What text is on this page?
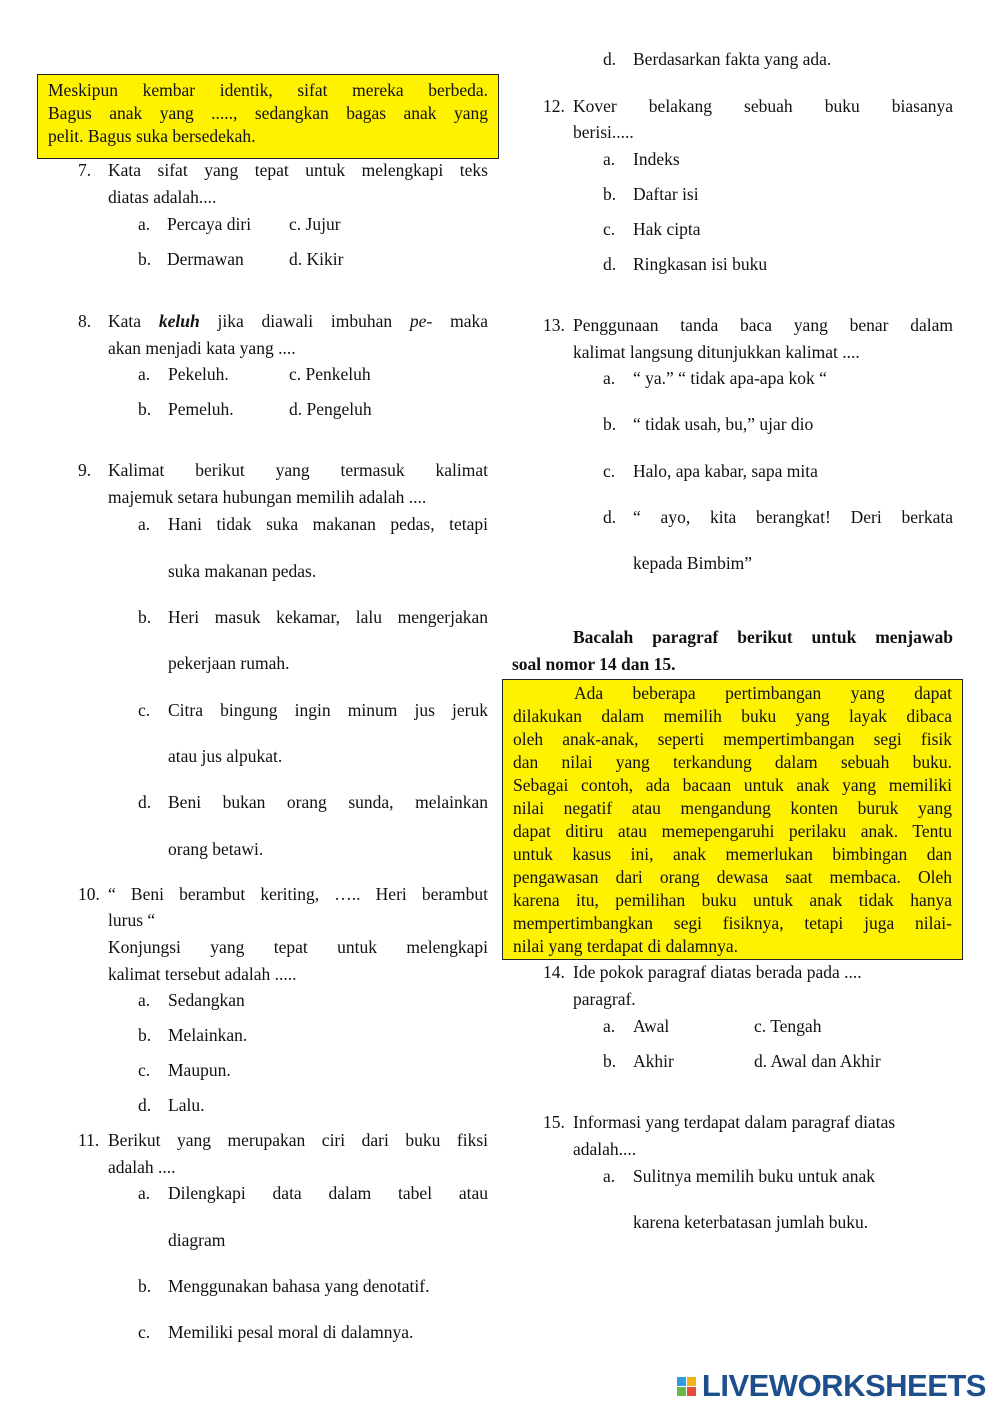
Meskipun kembar identik, sifat mereka berbeda.
Bagus anak yang ....., sedangkan bagas anak yang
pelit. Bagus suka bersedekah.
7. Kata sifat yang tepat untuk melengkapi teks
diatas adalah....
a. Percaya diri c. Jujur
b. Dermawan	d. Kikir
8. Kata keluh jika diawali imbuhan pe- maka
akan menjadi kata yang ....
a. Pekeluh.	c. Penkeluh
b. Pemeluh.	d. Pengeluh
9. Kalimat berikut yang termasuk kalimat
majemuk setara hubungan memilih adalah ....
a. Hani tidak suka makanan pedas, tetapi
suka makanan pedas.
b. Heri masuk kekamar, lalu mengerjakan
pekerjaan rumah.
c. Citra bingung ingin minum jus jeruk
atau jus alpukat.
d. Beni bukan orang sunda, melainkan
orang betawi.
10. “ Beni berambut keriting, ….. Heri berambut
lurus “
Konjungsi yang tepat untuk melengkapi
kalimat tersebut adalah .....
a. Sedangkan
b. Melainkan.
c. Maupun.
d. Lalu.
11. Berikut yang merupakan ciri dari buku fiksi
adalah ....
a. Dilengkapi data dalam tabel atau
diagram
b. Menggunakan bahasa yang denotatif.
c. Memiliki pesal moral di dalamnya.
d. Berdasarkan fakta yang ada.
12. Kover belakang sebuah buku biasanya
berisi.....
a. Indeks
b. Daftar isi
c. Hak cipta
d. Ringkasan isi buku
13. Penggunaan tanda baca yang benar dalam
kalimat langsung ditunjukkan kalimat ....
a. “ ya.” “ tidak apa-apa kok “
b. “ tidak usah, bu,” ujar dio
c. Halo, apa kabar, sapa mita
d. “ ayo, kita berangkat! Deri berkata
kepada Bimbim”
Bacalah paragraf berikut untuk menjawab
soal nomor 14 dan 15.
Ada beberapa pertimbangan yang dapat
dilakukan dalam memilih buku yang layak dibaca
oleh anak-anak, seperti mempertimbangan segi fisik
dan nilai yang terkandung dalam sebuah buku.
Sebagai contoh, ada bacaan untuk anak yang memiliki
nilai negatif atau mengandung konten buruk yang
dapat ditiru atau memepengaruhi perilaku anak. Tentu
untuk kasus ini, anak memerlukan bimbingan dan
pengawasan dari orang dewasa saat membaca. Oleh
karena itu, pemilihan buku untuk anak tidak hanya
mempertimbangkan segi fisiknya, tetapi juga nilai-
nilai yang terdapat di dalamnya.
14. Ide pokok paragraf diatas berada pada ....
paragraf.
a. Awal	c. Tengah
b. Akhir	d. Awal dan Akhir
15. Informasi yang terdapat dalam paragraf diatas
adalah....
a. Sulitnya memilih buku untuk anak
karena keterbatasan jumlah buku.
LIVEWORKSHEETS
